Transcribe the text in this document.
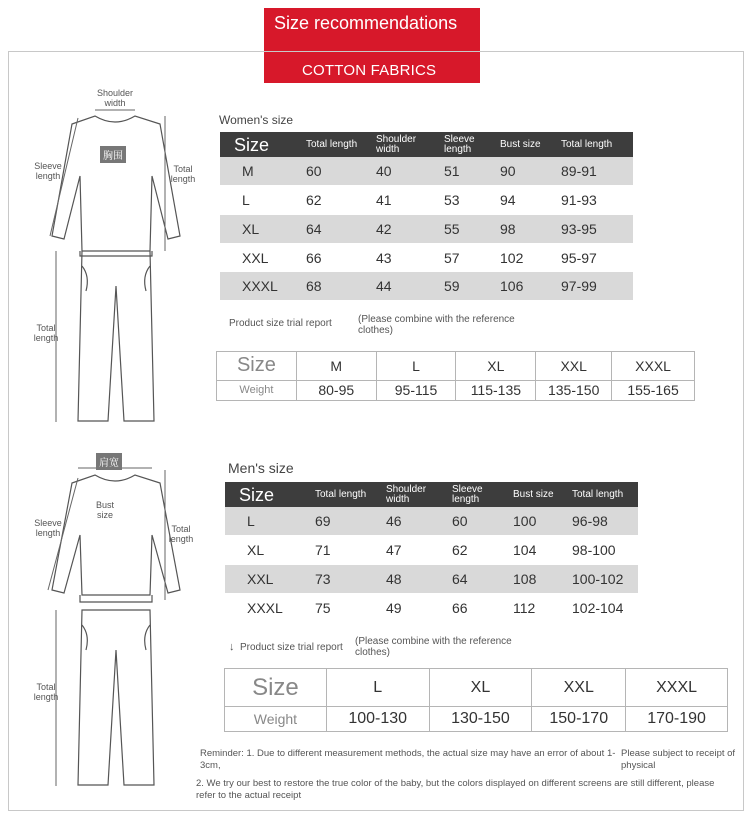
Size recommendations
COTTON FABRICS
Shoulder width
Sleeve length
Total length
Total length
胸围
肩宽
Bust size
Sleeve length	Total length
Total length
Women's size
Size	Total length	Shoulder width	Sleeve length	Bust size	Total length
M	60	40	51	90	89-91
L	62	41	53	94	91-93
XL	64	42	55	98	93-95
XXL	66	43	57	102	95-97
XXXL	68	44	59	106	97-99
Product size trial report	(Please combine with the reference clothes)
Size	M	L	XL	XXL	XXXL
Weight	80-95	95-115	115-135	135-150	155-165
Men's size
Size	Total length	Shoulder width	Sleeve length	Bust size	Total length
L	69	46	60	100	96-98
XL	71	47	62	104	98-100
XXL	73	48	64	108	100-102
XXXL	75	49	66	112	102-104
↓ Product size trial report
(Please combine with the reference clothes)
Size	L	XL	XXL	XXXL
Weight	100-130	130-150	150-170	170-190
Reminder: 1. Due to different measurement methods, the actual size may have an error of about 1-3cm,
Please subject to receipt of physical
2. We try our best to restore the true color of the baby, but the colors displayed on different screens are still different, please refer to the actual receipt
